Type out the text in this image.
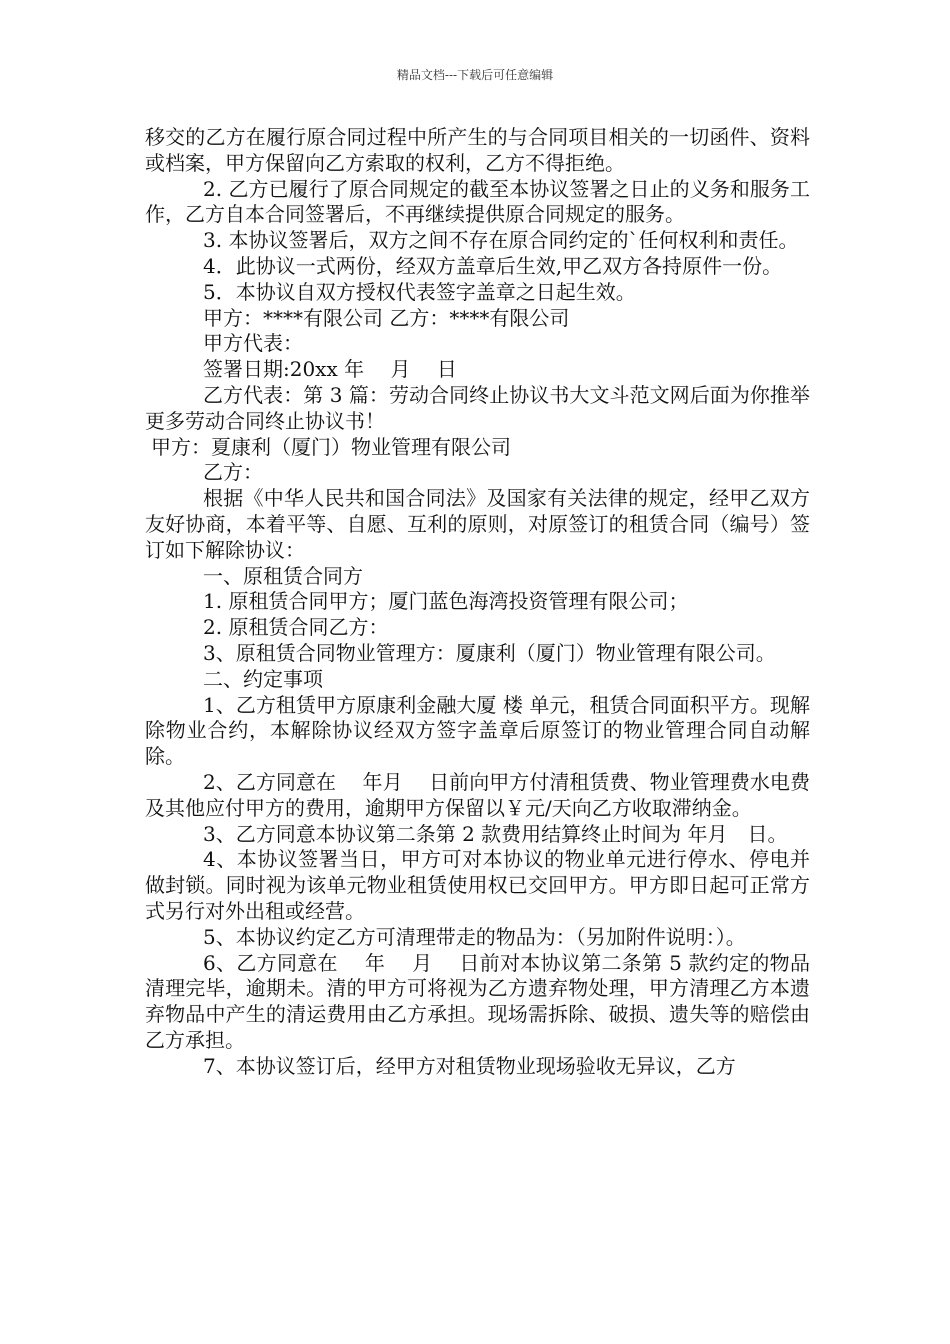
精品文档---下载后可任意编辑

移交的乙方在履行原合同过程中所产生的与合同项目相关的一切函件、资料或档案，甲方保留向乙方索取的权利，乙方不得拒绝。

2. 乙方已履行了原合同规定的截至本协议签署之日止的义务和服务工作，乙方自本合同签署后，不再继续提供原合同规定的服务。

3. 本协议签署后，双方之间不存在原合同约定的`任何权利和责任。

4．此协议一式两份，经双方盖章后生效,甲乙双方各持原件一份。

5．本协议自双方授权代表签字盖章之日起生效。

甲方：****有限公司 乙方：****有限公司

甲方代表：

签署日期:20xx 年　 月　 日

乙方代表：第 3 篇：劳动合同终止协议书大文斗范文网后面为你推举更多劳动合同终止协议书！

甲方：夏康利（厦门）物业管理有限公司

乙方：

根据《中华人民共和国合同法》及国家有关法律的规定，经甲乙双方友好协商，本着平等、自愿、互利的原则，对原签订的租赁合同（编号）签订如下解除协议：

一、原租赁合同方

1. 原租赁合同甲方；厦门蓝色海湾投资管理有限公司；

2. 原租赁合同乙方：

3、原租赁合同物业管理方：厦康利（厦门）物业管理有限公司。

二、约定事项

1、乙方租赁甲方原康利金融大厦 楼 单元，租赁合同面积平方。现解除物业合约，本解除协议经双方签字盖章后原签订的物业管理合同自动解除。

2、乙方同意在　 年月　 日前向甲方付清租赁费、物业管理费水电费及其他应付甲方的费用，逾期甲方保留以￥元/天向乙方收取滞纳金。

3、乙方同意本协议第二条第 2 款费用结算终止时间为 年月　日。

4、本协议签署当日，甲方可对本协议的物业单元进行停水、停电并做封锁。同时视为该单元物业租赁使用权已交回甲方。甲方即日起可正常方式另行对外出租或经营。

5、本协议约定乙方可清理带走的物品为：（另加附件说明：）。

6、乙方同意在　 年　 月　 日前对本协议第二条第 5 款约定的物品清理完毕，逾期未。清的甲方可将视为乙方遗弃物处理，甲方清理乙方本遗弃物品中产生的清运费用由乙方承担。现场需拆除、破损、遗失等的赔偿由乙方承担。

7、本协议签订后，经甲方对租赁物业现场验收无异议，乙方
